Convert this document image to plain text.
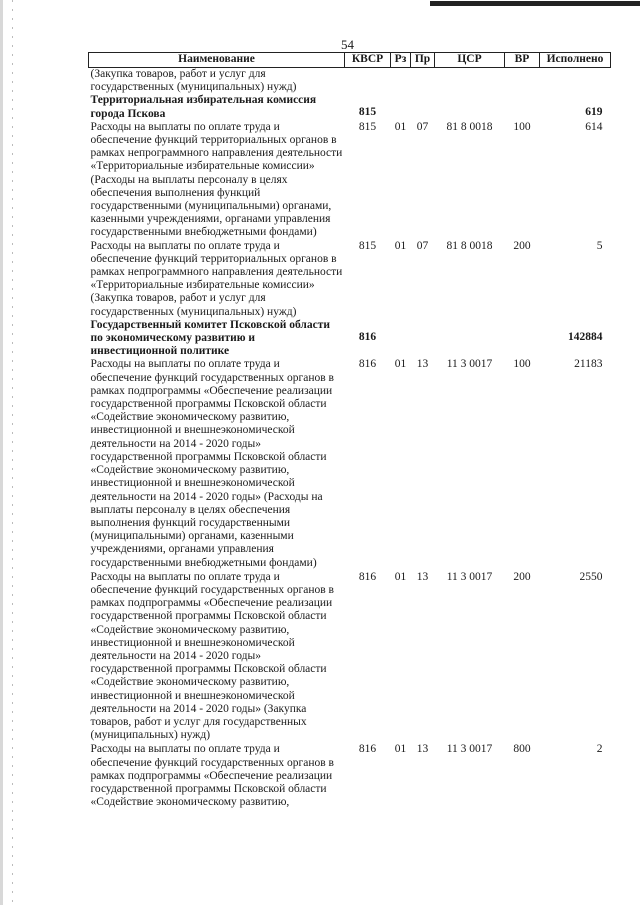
54
Наименование	КВСР	Рз	Пр	ЦСР	ВР	Исполнено
(Закупка товаров, работ и услуг для государственных (муниципальных) нужд)						
Территориальная избирательная комиссия города Пскова	815					619
Расходы на выплаты по оплате труда и обеспечение функций территориальных органов в рамках непрограммного направления деятельности «Территориальные избирательные комиссии» (Расходы на выплаты персоналу в целях обеспечения выполнения функций государственными (муниципальными) органами, казенными учреждениями, органами управления государственными внебюджетными фондами)	815	01	07	81 8 0018	100	614
Расходы на выплаты по оплате труда и обеспечение функций территориальных органов в рамках непрограммного направления деятельности «Территориальные избирательные комиссии» (Закупка товаров, работ и услуг для государственных (муниципальных) нужд)	815	01	07	81 8 0018	200	5
Государственный комитет Псковской области по экономическому развитию и инвестиционной политике	816					142884
Расходы на выплаты по оплате труда и обеспечение функций государственных органов в рамках подпрограммы «Обеспечение реализации государственной программы Псковской области «Содействие экономическому развитию, инвестиционной и внешнеэкономической деятельности на 2014 - 2020 годы» государственной программы Псковской области «Содействие экономическому развитию, инвестиционной и внешнеэкономической деятельности на 2014 - 2020 годы» (Расходы на выплаты персоналу в целях обеспечения выполнения функций государственными (муниципальными) органами, казенными учреждениями, органами управления государственными внебюджетными фондами)	816	01	13	11 3 0017	100	21183
Расходы на выплаты по оплате труда и обеспечение функций государственных органов в рамках подпрограммы «Обеспечение реализации государственной программы Псковской области «Содействие экономическому развитию, инвестиционной и внешнеэкономической деятельности на 2014 - 2020 годы» государственной программы Псковской области «Содействие экономическому развитию, инвестиционной и внешнеэкономической деятельности на 2014 - 2020 годы» (Закупка товаров, работ и услуг для государственных (муниципальных) нужд)	816	01	13	11 3 0017	200	2550
Расходы на выплаты по оплате труда и обеспечение функций государственных органов в рамках подпрограммы «Обеспечение реализации государственной программы Псковской области «Содействие экономическому развитию,	816	01	13	11 3 0017	800	2
